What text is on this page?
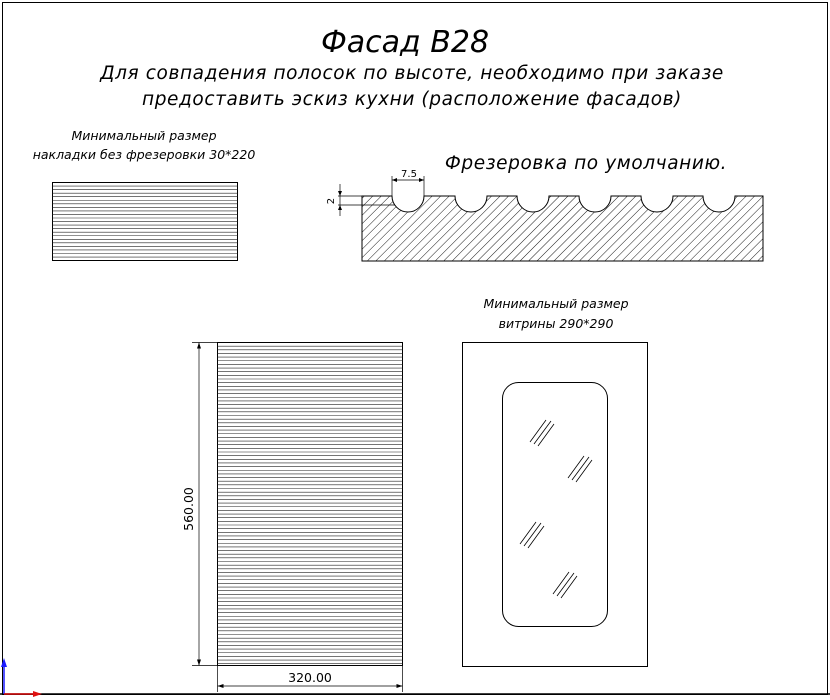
Фасад В28
Для совпадения полосок по высоте, необходимо при заказе
предоставить эскиз кухни (расположение фасадов)
Минимальный размер
накладки без фрезеровки 30*220	Фрезеровка по умолчанию.
7.5
2
560.00
320.00
Минимальный размер
витрины 290*290
